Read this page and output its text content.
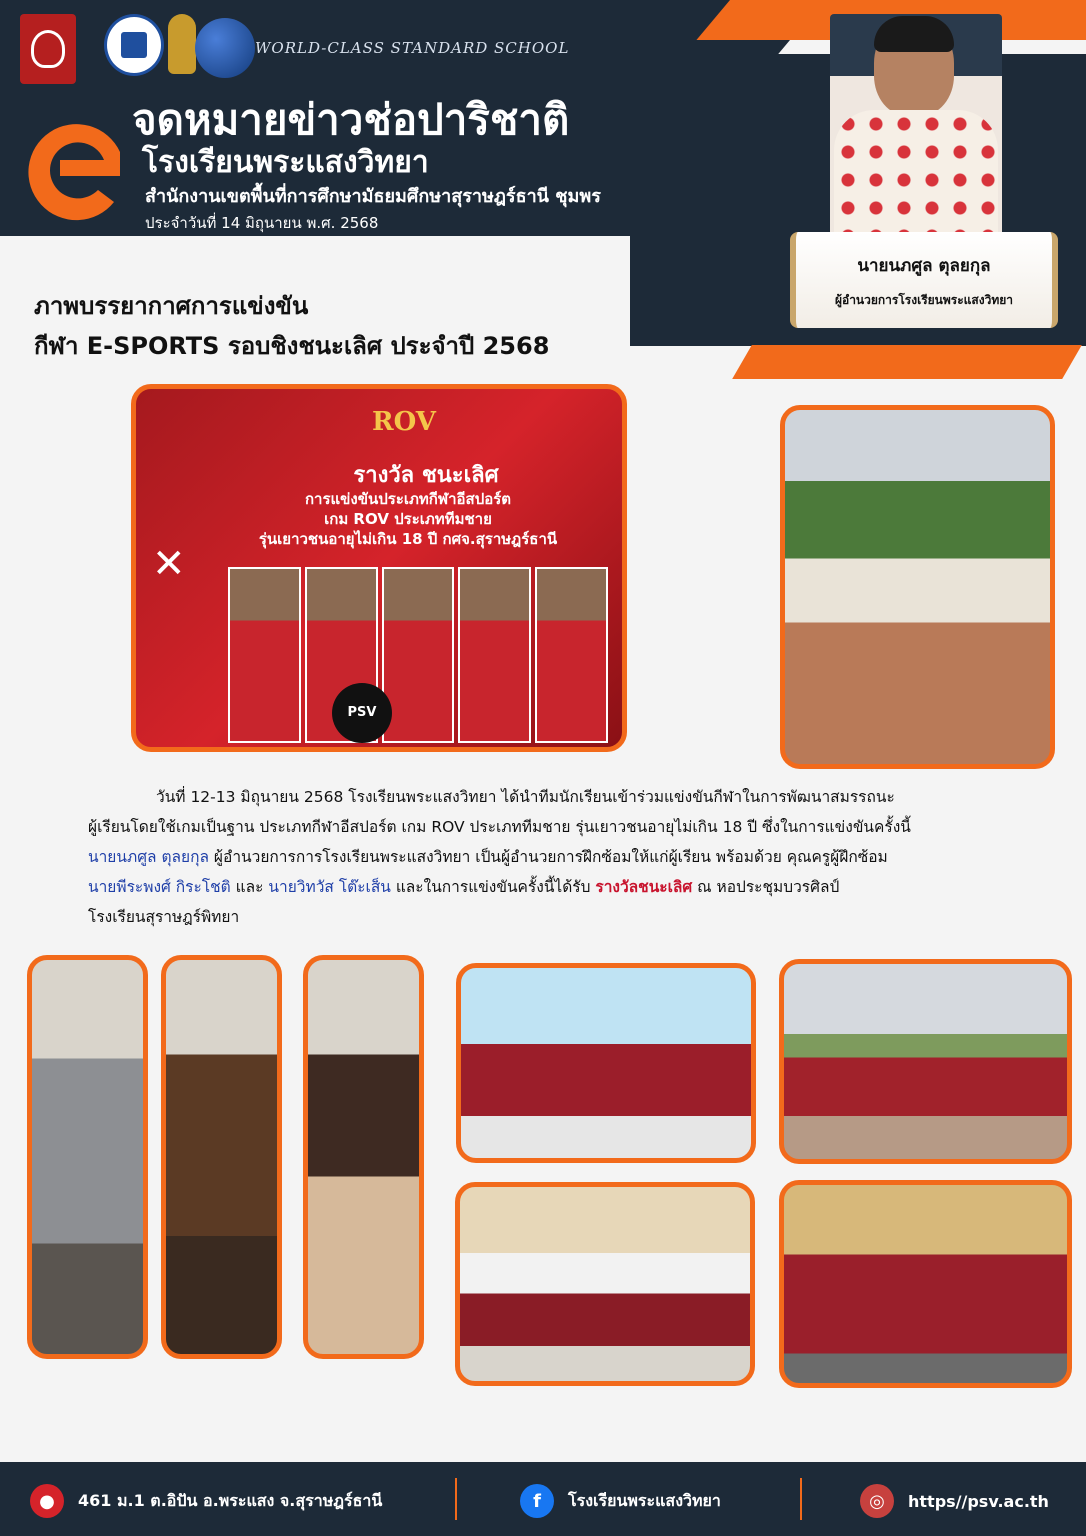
WORLD-CLASS STANDARD SCHOOL
จดหมายข่าวช่อปาริชาติ
โรงเรียนพระแสงวิทยา
สำนักงานเขตพื้นที่การศึกษามัธยมศึกษาสุราษฎร์ธานี ชุมพร
ประจำวันที่ 14 มิถุนายน พ.ศ. 2568
นายนภศูล ตุลยกุล
ผู้อำนวยการโรงเรียนพระแสงวิทยา
ภาพบรรยากาศการแข่งขัน
กีฬา E-SPORTS รอบชิงชนะเลิศ ประจำปี 2568
ROV
รางวัล ชนะเลิศ
การแข่งขันประเภทกีฬาอีสปอร์ต
เกม ROV ประเภททีมชาย
รุ่นเยาวชนอายุไม่เกิน 18 ปี กศจ.สุราษฎร์ธานี
✕
PSV

วันที่ 12-13 มิถุนายน 2568 โรงเรียนพระแสงวิทยา ได้นำทีมนักเรียนเข้าร่วมแข่งขันกีฬาในการพัฒนาสมรรถนะ

ผู้เรียนโดยใช้เกมเป็นฐาน ประเภทกีฬาอีสปอร์ต เกม ROV ประเภททีมชาย รุ่นเยาวชนอายุไม่เกิน 18 ปี ซึ่งในการแข่งขันครั้งนี้

นายนภศูล ตุลยกุล ผู้อำนวยการการโรงเรียนพระแสงวิทยา เป็นผู้อำนวยการฝึกซ้อมให้แก่ผู้เรียน พร้อมด้วย คุณครูผู้ฝึกซ้อม

นายพีระพงศ์ กิระโชติ และ นายวิทวัส โต๊ะเส็น และในการแข่งขันครั้งนี้ได้รับ รางวัลชนะเลิศ ณ หอประชุมบวรศิลป์

โรงเรียนสุราษฎร์พิทยา

●	461 ม.1 ต.อิปัน อ.พระแสง จ.สุราษฎร์ธานี	f	โรงเรียนพระแสงวิทยา	◎	https//psv.ac.th
